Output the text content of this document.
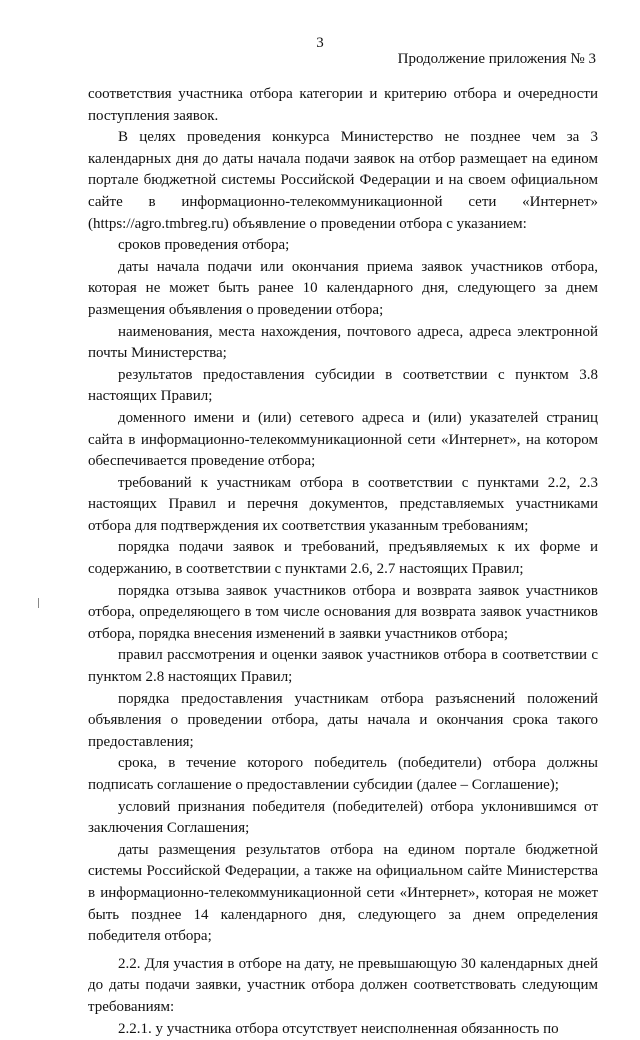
3
Продолжение приложения № 3

соответствия участника отбора категории и критерию отбора и очередности поступления заявок.

В целях проведения конкурса Министерство не позднее чем за 3 календарных дня до даты начала подачи заявок на отбор размещает на едином портале бюджетной системы Российской Федерации и на своем официальном сайте в информационно-телекоммуникационной сети «Интернет» (https://agro.tmbreg.ru) объявление о проведении отбора с указанием:

сроков проведения отбора;

даты начала подачи или окончания приема заявок участников отбора, которая не может быть ранее 10 календарного дня, следующего за днем размещения объявления о проведении отбора;

наименования, места нахождения, почтового адреса, адреса электронной почты Министерства;

результатов предоставления субсидии в соответствии с пунктом 3.8 настоящих Правил;

доменного имени и (или) сетевого адреса и (или) указателей страниц сайта в информационно-телекоммуникационной сети «Интернет», на котором обеспечивается проведение отбора;

требований к участникам отбора в соответствии с пунктами 2.2, 2.3 настоящих Правил и перечня документов, представляемых участниками отбора для подтверждения их соответствия указанным требованиям;

порядка подачи заявок и требований, предъявляемых к их форме и содержанию, в соответствии с пунктами 2.6, 2.7 настоящих Правил;

порядка отзыва заявок участников отбора и возврата заявок участников отбора, определяющего в том числе основания для возврата заявок участников отбора, порядка внесения изменений в заявки участников отбора;

правил рассмотрения и оценки заявок участников отбора в соответствии с пунктом 2.8 настоящих Правил;

порядка предоставления участникам отбора разъяснений положений объявления о проведении отбора, даты начала и окончания срока такого предоставления;

срока, в течение которого победитель (победители) отбора должны подписать соглашение о предоставлении субсидии (далее – Соглашение);

условий признания победителя (победителей) отбора уклонившимся от заключения Соглашения;

даты размещения результатов отбора на едином портале бюджетной системы Российской Федерации, а также на официальном сайте Министерства в информационно-телекоммуникационной сети «Интернет», которая не может быть позднее 14 календарного дня, следующего за днем определения победителя отбора;

2.2. Для участия в отборе на дату, не превышающую 30 календарных дней до даты подачи заявки, участник отбора должен соответствовать следующим требованиям:

2.2.1. у участника отбора отсутствует неисполненная обязанность по
